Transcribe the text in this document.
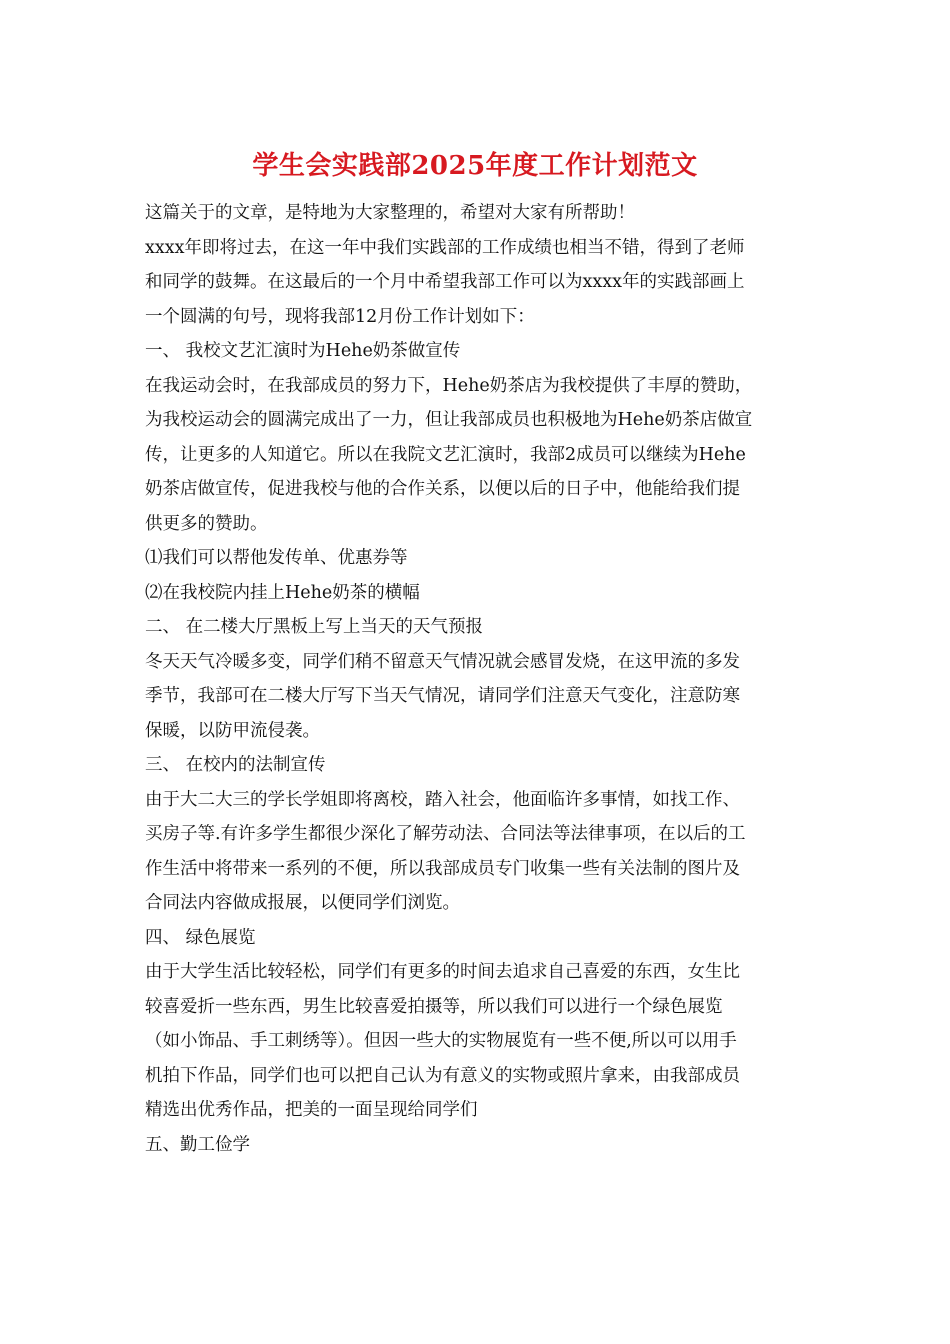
学生会实践部2025年度工作计划范文
这篇关于的文章，是特地为大家整理的，希望对大家有所帮助！
xxxx年即将过去，在这一年中我们实践部的工作成绩也相当不错，得到了老师
和同学的鼓舞。在这最后的一个月中希望我部工作可以为xxxx年的实践部画上
一个圆满的句号，现将我部12月份工作计划如下：
一、 我校文艺汇演时为Hehe奶茶做宣传
在我运动会时，在我部成员的努力下，Hehe奶茶店为我校提供了丰厚的赞助，
为我校运动会的圆满完成出了一力，但让我部成员也积极地为Hehe奶茶店做宣
传，让更多的人知道它。所以在我院文艺汇演时，我部2成员可以继续为Hehe
奶茶店做宣传，促进我校与他的合作关系，以便以后的日子中，他能给我们提
供更多的赞助。
⑴我们可以帮他发传单、优惠券等
⑵在我校院内挂上Hehe奶茶的横幅
二、 在二楼大厅黑板上写上当天的天气预报
冬天天气冷暖多变，同学们稍不留意天气情况就会感冒发烧，在这甲流的多发
季节，我部可在二楼大厅写下当天气情况，请同学们注意天气变化，注意防寒
保暖，以防甲流侵袭。
三、 在校内的法制宣传
由于大二大三的学长学姐即将离校，踏入社会，他面临许多事情，如找工作、
买房子等.有许多学生都很少深化了解劳动法、合同法等法律事项，在以后的工
作生活中将带来一系列的不便，所以我部成员专门收集一些有关法制的图片及
合同法内容做成报展，以便同学们浏览。
四、 绿色展览
由于大学生活比较轻松，同学们有更多的时间去追求自己喜爱的东西，女生比
较喜爱折一些东西，男生比较喜爱拍摄等，所以我们可以进行一个绿色展览
（如小饰品、手工刺绣等）。但因一些大的实物展览有一些不便,所以可以用手
机拍下作品，同学们也可以把自己认为有意义的实物或照片拿来，由我部成员
精选出优秀作品，把美的一面呈现给同学们
五、勤工俭学
